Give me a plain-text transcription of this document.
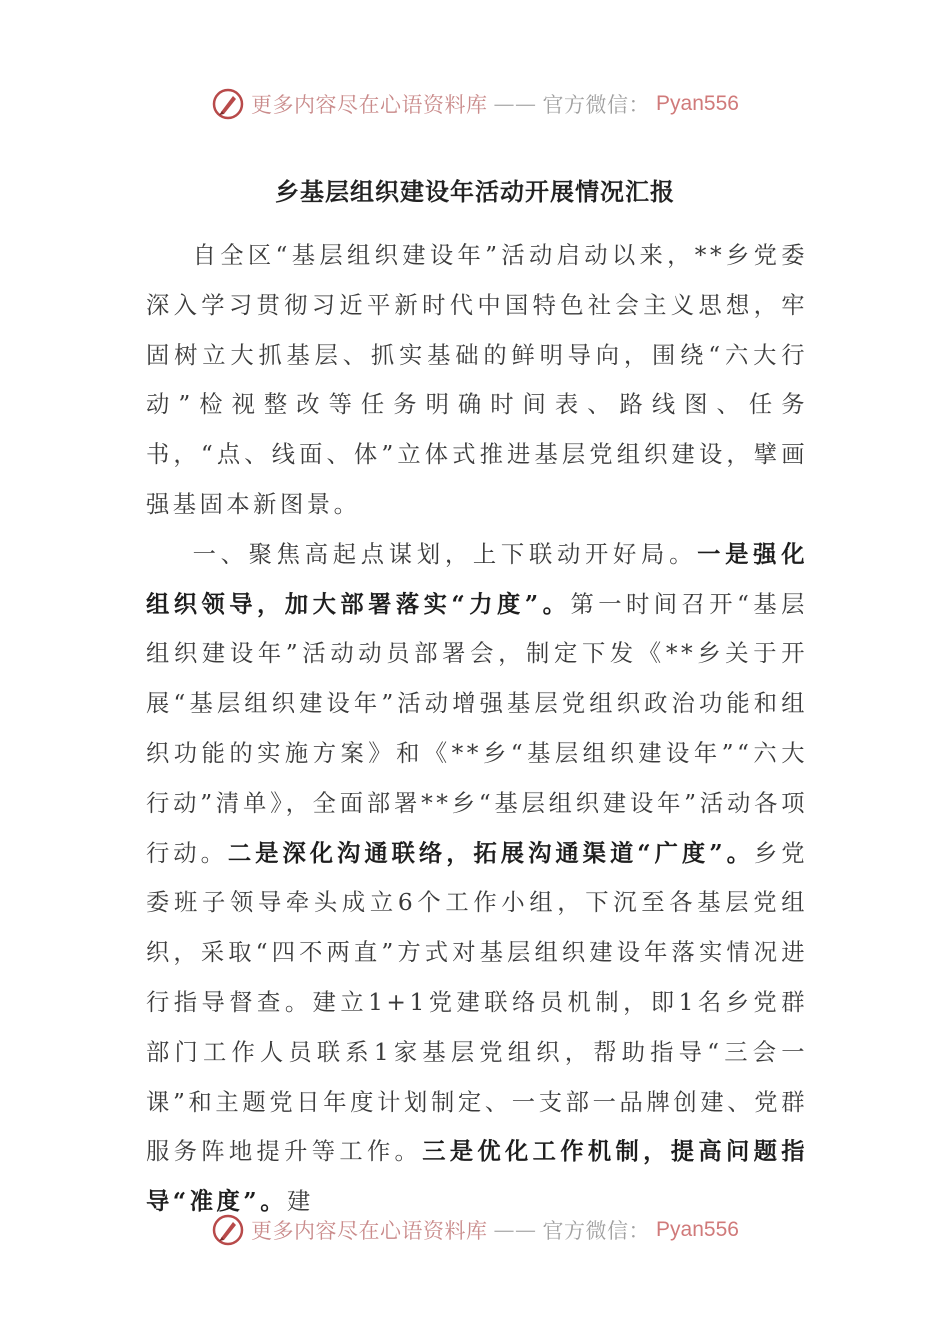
更多内容尽在心语资料库 —— 官方微信： Pyan556
乡基层组织建设年活动开展情况汇报

自全区“基层组织建设年”活动启动以来，**乡党委深入学习贯彻习近平新时代中国特色社会主义思想，牢固树立大抓基层、抓实基础的鲜明导向，围绕“六大行动”检视整改等任务明确时间表、路线图、任务书，“点、线面、体”立体式推进基层党组织建设，擘画强基固本新图景。

一、聚焦高起点谋划，上下联动开好局。一是强化组织领导，加大部署落实“力度”。第一时间召开“基层组织建设年”活动动员部署会，制定下发《**乡关于开展“基层组织建设年”活动增强基层党组织政治功能和组织功能的实施方案》和《**乡“基层组织建设年”“六大行动”清单》，全面部署**乡“基层组织建设年”活动各项行动。二是深化沟通联络，拓展沟通渠道“广度”。乡党委班子领导牵头成立6个工作小组，下沉至各基层党组织，采取“四不两直”方式对基层组织建设年落实情况进行指导督查。建立1+1党建联络员机制，即1名乡党群部门工作人员联系1家基层党组织，帮助指导“三会一课”和主题党日年度计划制定、一支部一品牌创建、党群服务阵地提升等工作。三是优化工作机制，提高问题指导“准度”。建

更多内容尽在心语资料库 —— 官方微信： Pyan556
